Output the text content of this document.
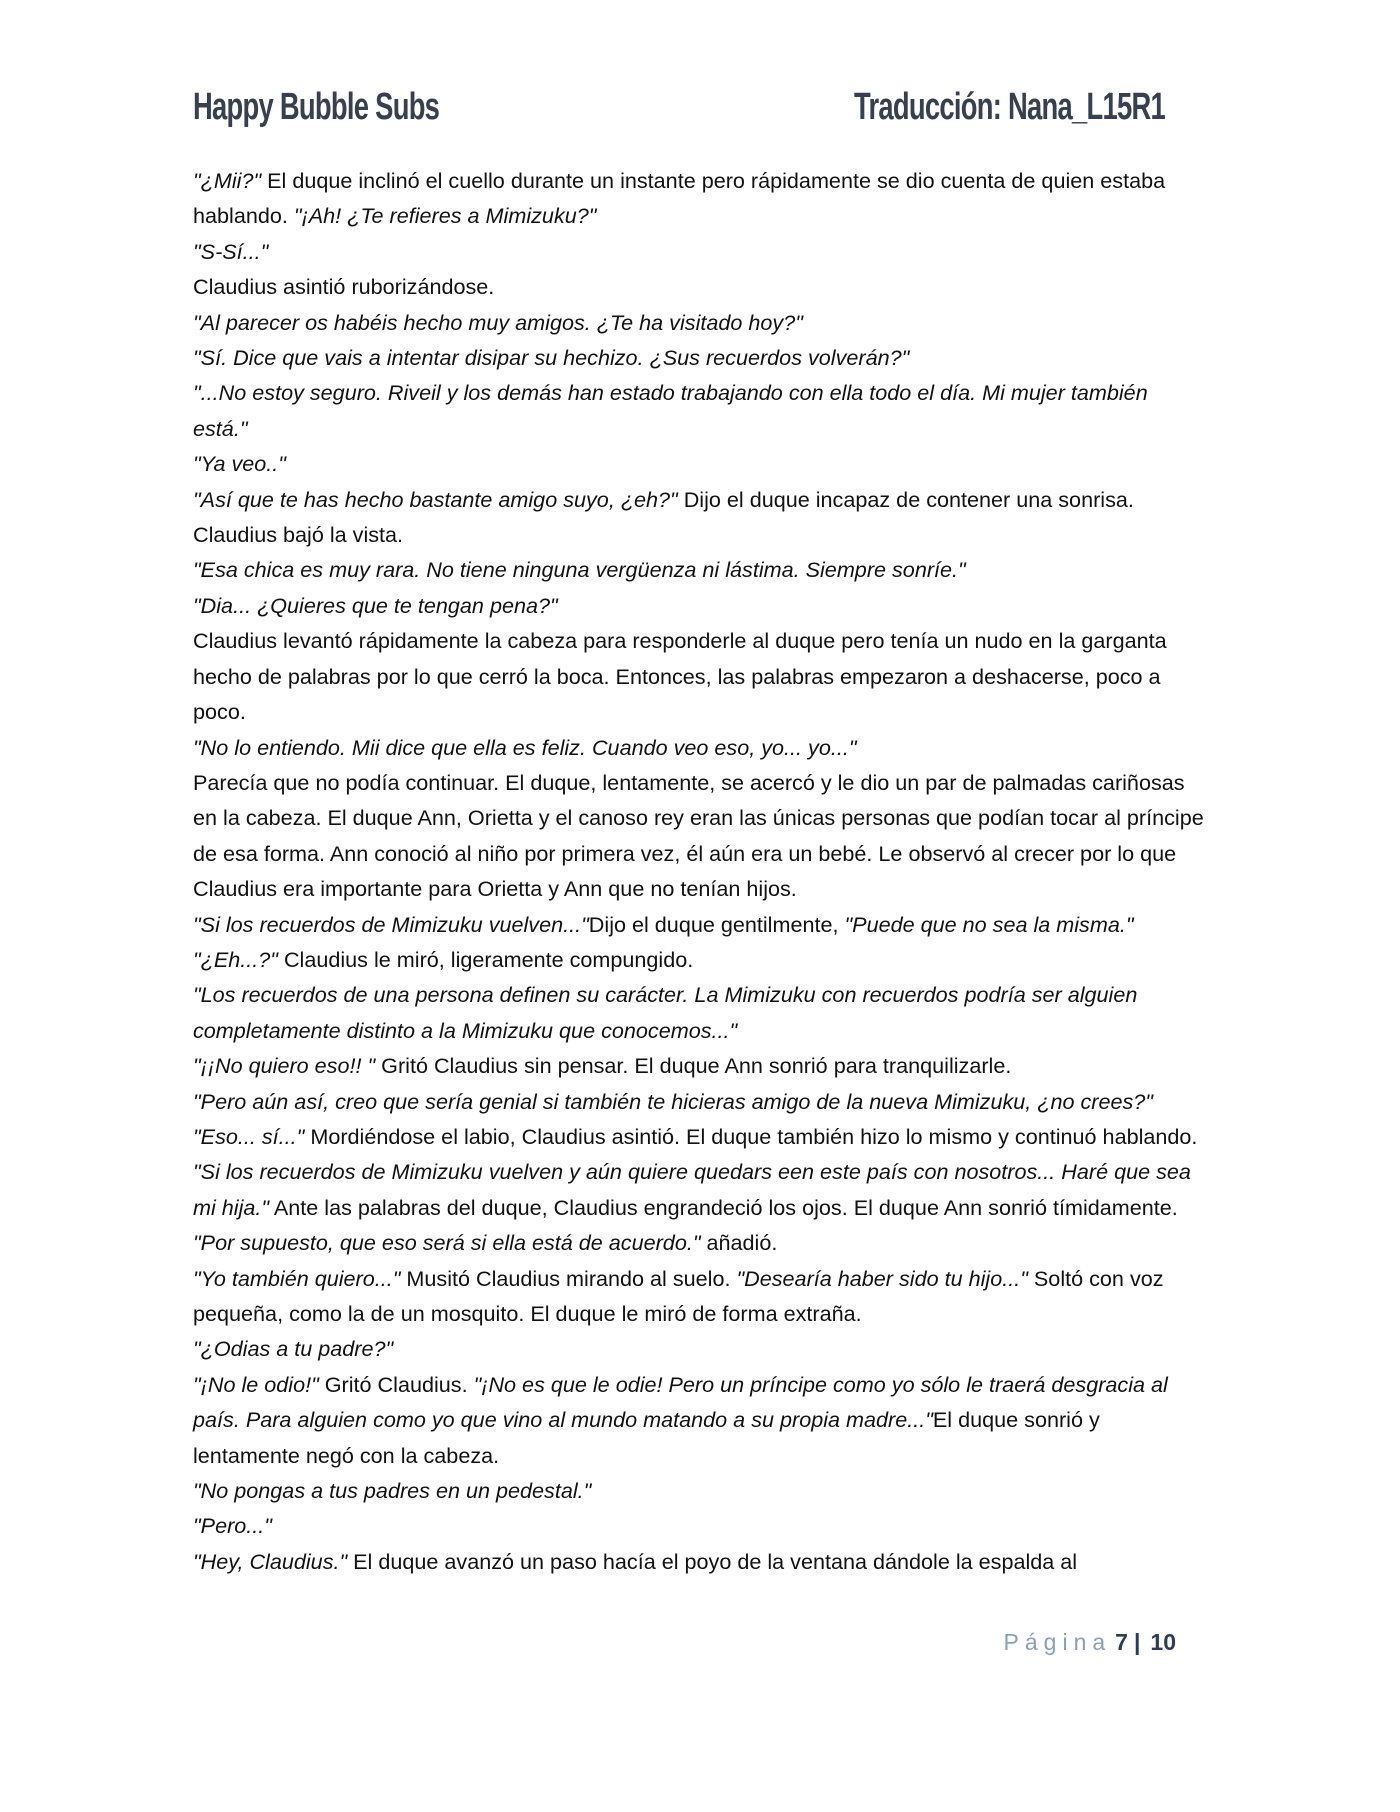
Happy Bubble Subs	Traducción: Nana_L15R1

"¿Mii?" El duque inclinó el cuello durante un instante pero rápidamente se dio cuenta de quien estaba hablando. "¡Ah! ¿Te refieres a Mimizuku?"

"S-Sí..."

Claudius asintió ruborizándose.

"Al parecer os habéis hecho muy amigos. ¿Te ha visitado hoy?"

"Sí. Dice que vais a intentar disipar su hechizo. ¿Sus recuerdos volverán?"

"...No estoy seguro. Riveil y los demás han estado trabajando con ella todo el día. Mi mujer también está."

"Ya veo.."

"Así que te has hecho bastante amigo suyo, ¿eh?" Dijo el duque incapaz de contener una sonrisa.

Claudius bajó la vista.

"Esa chica es muy rara. No tiene ninguna vergüenza ni lástima. Siempre sonríe."

"Dia... ¿Quieres que te tengan pena?"

Claudius levantó rápidamente la cabeza para responderle al duque pero tenía un nudo en la garganta hecho de palabras por lo que cerró la boca. Entonces, las palabras empezaron a deshacerse, poco a poco.

"No lo entiendo. Mii dice que ella es feliz. Cuando veo eso, yo... yo..."

Parecía que no podía continuar. El duque, lentamente, se acercó y le dio un par de palmadas cariñosas en la cabeza. El duque Ann, Orietta y el canoso rey eran las únicas personas que podían tocar al príncipe de esa forma. Ann conoció al niño por primera vez, él aún era un bebé. Le observó al crecer por lo que Claudius era importante para Orietta y Ann que no tenían hijos.

"Si los recuerdos de Mimizuku vuelven..."Dijo el duque gentilmente, "Puede que no sea la misma."

"¿Eh...?" Claudius le miró, ligeramente compungido.

"Los recuerdos de una persona definen su carácter. La Mimizuku con recuerdos podría ser alguien completamente distinto a la Mimizuku que conocemos..."

"¡¡No quiero eso!! " Gritó Claudius sin pensar. El duque Ann sonrió para tranquilizarle.

"Pero aún así, creo que sería genial si también te hicieras amigo de la nueva Mimizuku, ¿no crees?"

"Eso... sí..." Mordiéndose el labio, Claudius asintió. El duque también hizo lo mismo y continuó hablando.

"Si los recuerdos de Mimizuku vuelven y aún quiere quedars een este país con nosotros... Haré que sea mi hija." Ante las palabras del duque, Claudius engrandeció los ojos. El duque Ann sonrió tímidamente. "Por supuesto, que eso será si ella está de acuerdo." añadió.

"Yo también quiero..." Musitó Claudius mirando al suelo. "Desearía haber sido tu hijo..." Soltó con voz pequeña, como la de un mosquito. El duque le miró de forma extraña.

"¿Odias a tu padre?"

"¡No le odio!" Gritó Claudius. "¡No es que le odie! Pero un príncipe como yo sólo le traerá desgracia al país. Para alguien como yo que vino al mundo matando a su propia madre..."El duque sonrió y lentamente negó con la cabeza.

"No pongas a tus padres en un pedestal."

"Pero..."

"Hey, Claudius." El duque avanzó un paso hacía el poyo de la ventana dándole la espalda al

Página 7 | 10
